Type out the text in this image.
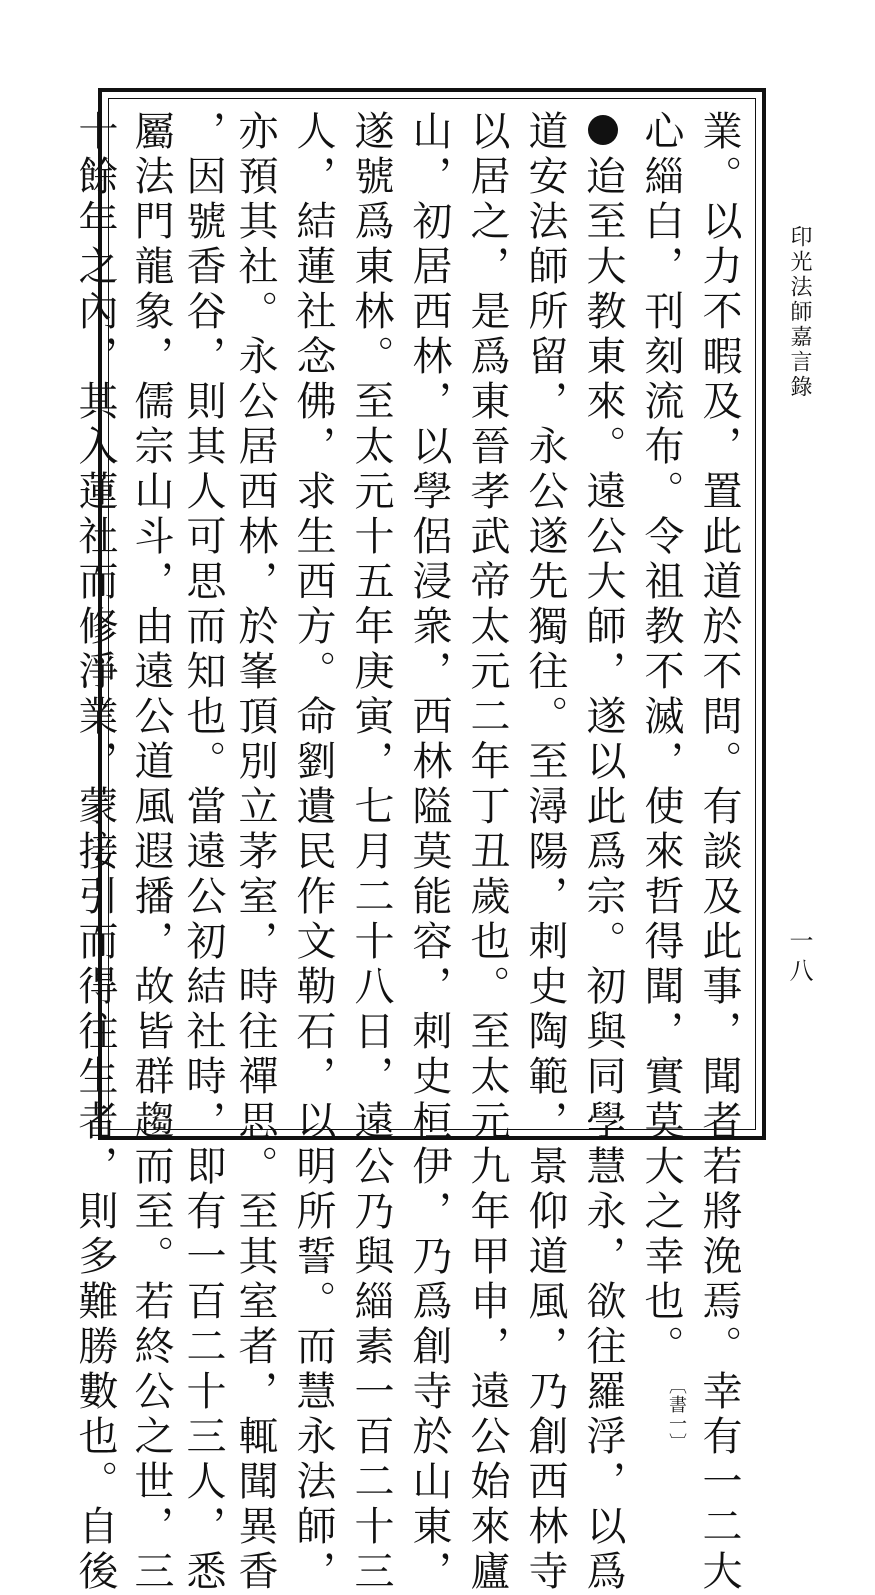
印光法師嘉言錄
一八
業。以力不暇及，置此道於不問。有談及此事，聞者若將浼焉。幸有一二大
心緇白，刊刻流布。令祖教不滅，使來哲得聞，實莫大之幸也。〔書一〕
迨至大教東來。遠公大師，遂以此爲宗。初與同學慧永，欲往羅浮，以爲
道安法師所留，永公遂先獨往。至潯陽，刺史陶範，景仰道風，乃創西林寺
以居之，是爲東晉孝武帝太元二年丁丑歲也。至太元九年甲申，遠公始來廬
山，初居西林，以學侶浸衆，西林隘莫能容，刺史桓伊，乃爲創寺於山東，
遂號爲東林。至太元十五年庚寅，七月二十八日，遠公乃與緇素一百二十三
人，結蓮社念佛，求生西方。命劉遺民作文勒石，以明所誓。而慧永法師，
亦預其社。永公居西林，於峯頂別立茅室，時往禪思。至其室者，輒聞異香
，因號香谷，則其人可思而知也。當遠公初結社時，即有一百二十三人，悉
屬法門龍象，儒宗山斗，由遠公道風遐播，故皆群趨而至。若終公之世，三
十餘年之內，其入蓮社而修淨業，蒙接引而得往生者，則多難勝數也。自後
